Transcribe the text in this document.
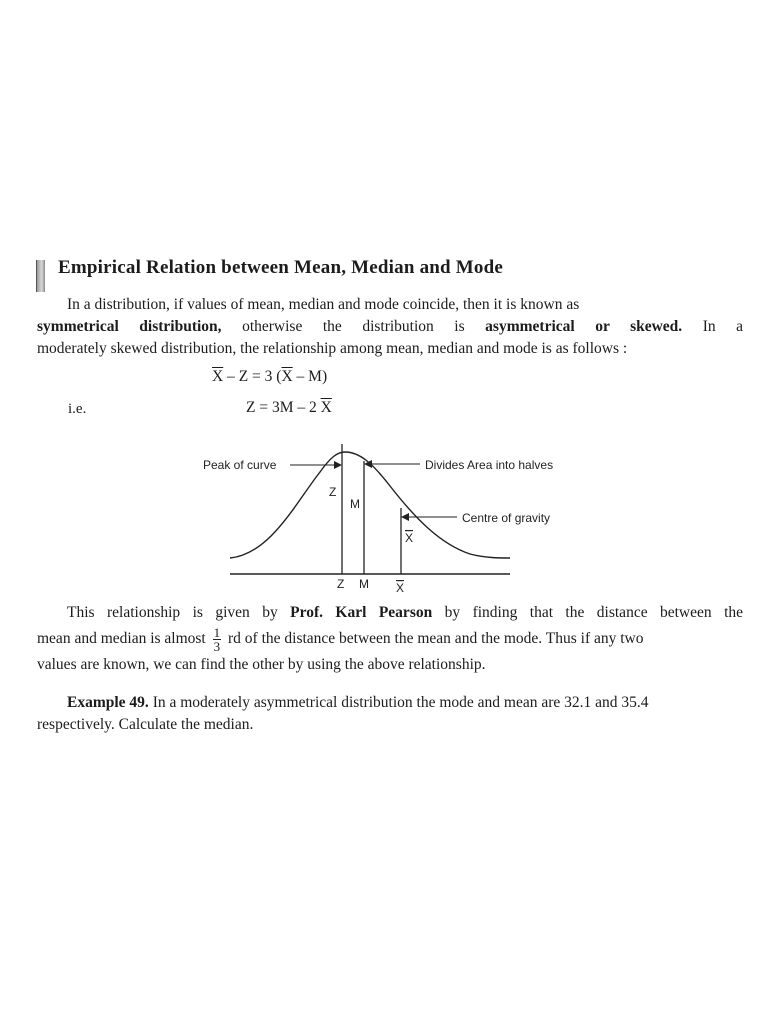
Empirical Relation between Mean, Median and Mode
In a distribution, if values of mean, median and mode coincide, then it is known as
symmetrical distribution, otherwise the distribution is asymmetrical or skewed. In a
moderately skewed distribution, the relationship among mean, median and mode is as follows :
$\overline{X} - Z = 3$ $(\overline{X} - M)$
i.e.	Z = 3M – 2 $\overline{X}$
Peak of curve	Divides Area into halves
Centre of gravity
Z
M
X
Z M X
This relationship is given by Prof. Karl Pearson by finding that the distance between the
mean and median is almost $\frac{1}{3}$ rd of the distance between the mean and the mode. Thus if any two
values are known, we can find the other by using the above relationship.
Example 49. In a moderately asymmetrical distribution the mode and mean are 32.1 and 35.4
respectively. Calculate the median.
